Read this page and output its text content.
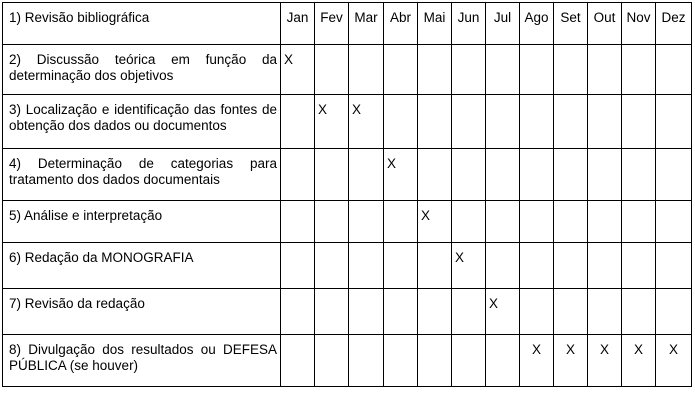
1) Revisão bibliográfica	Jan	Fev	Mar	Abr	Mai	Jun	Jul	Ago	Set	Out	Nov	Dez

2) Discussão teórica em função da determinação dos objetivos	X											

3) Localização e identificação das fontes de obtenção dos dados ou documentos		X	X									

4) Determinação de categorias para tratamento dos dados documentais				X								

5) Análise e interpretação					X							

6) Redação da MONOGRAFIA						X						

7) Revisão da redação							X					

8) Divulgação dos resultados ou DEFESA PÚBLICA (se houver)								X	X	X	X	X
